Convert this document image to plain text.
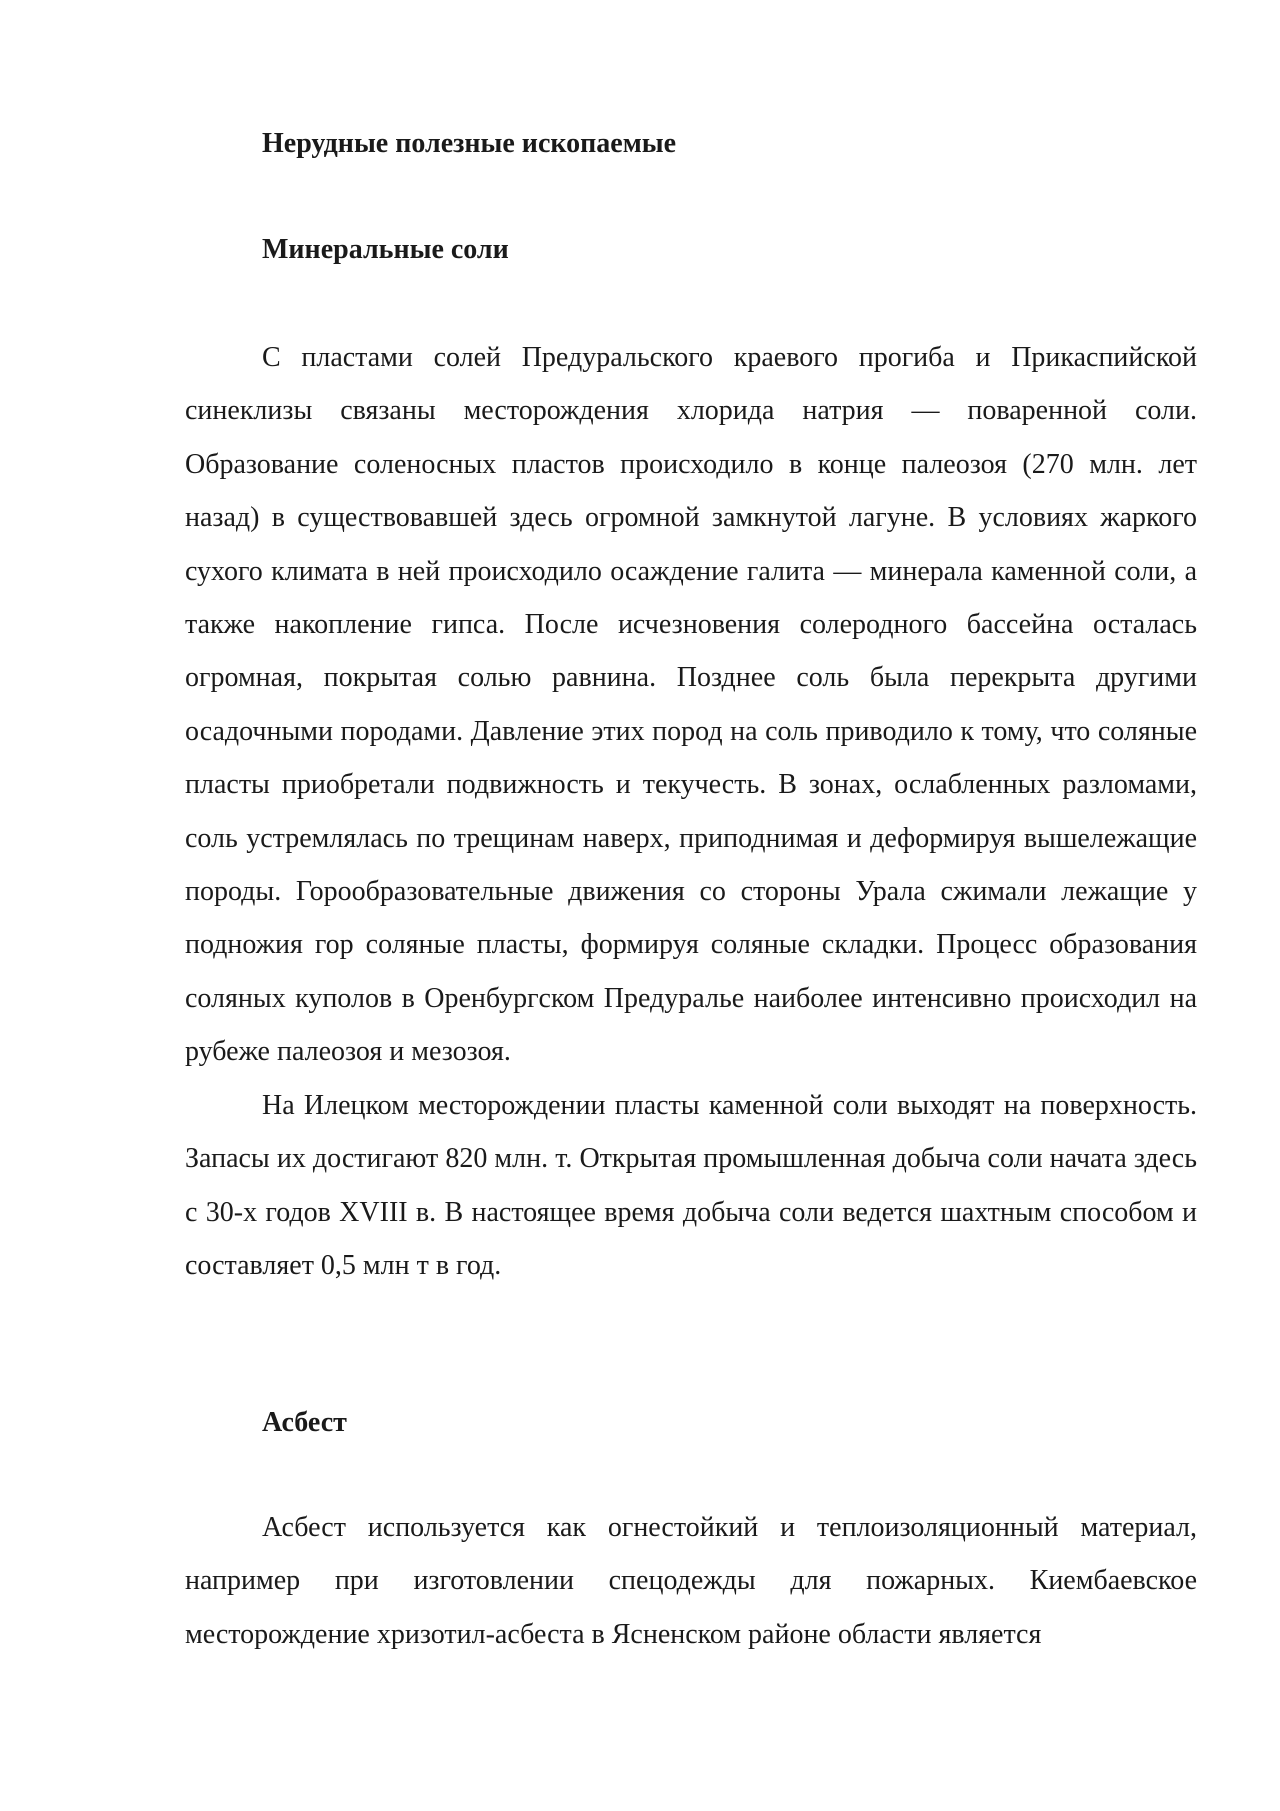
Нерудные полезные ископаемые
Минеральные соли

С пластами солей Предуральского краевого прогиба и Прикаспийской синеклизы связаны месторождения хлорида натрия — поваренной соли. Образование соленосных пластов происходило в конце палеозоя (270 млн. лет назад) в существовавшей здесь огромной замкнутой лагуне. В условиях жаркого сухого климата в ней происходило осаждение галита — минерала каменной соли, а также накопление гипса. После исчезновения солеродного бассейна осталась огромная, покрытая солью равнина. Позднее соль была перекрыта другими осадочными породами. Давление этих пород на соль приводило к тому, что соляные пласты приобретали подвижность и текучесть. В зонах, ослабленных разломами, соль устремлялась по трещинам наверх, приподнимая и деформируя вышележащие породы. Горообразовательные движения со стороны Урала сжимали лежащие у подножия гор соляные пласты, формируя соляные складки. Процесс образования соляных куполов в Оренбургском Предуралье наиболее интенсивно происходил на рубеже палеозоя и мезозоя.

На Илецком месторождении пласты каменной соли выходят на поверхность. Запасы их достигают 820 млн. т. Открытая промышленная добыча соли начата здесь с 30-х годов XVIII в. В настоящее время добыча соли ведется шахтным способом и составляет 0,5 млн т в год.

Асбест

Асбест используется как огнестойкий и теплоизоляционный материал, например при изготовлении спецодежды для пожарных. Киембаевское месторождение хризотил-асбеста в Ясненском районе области является
